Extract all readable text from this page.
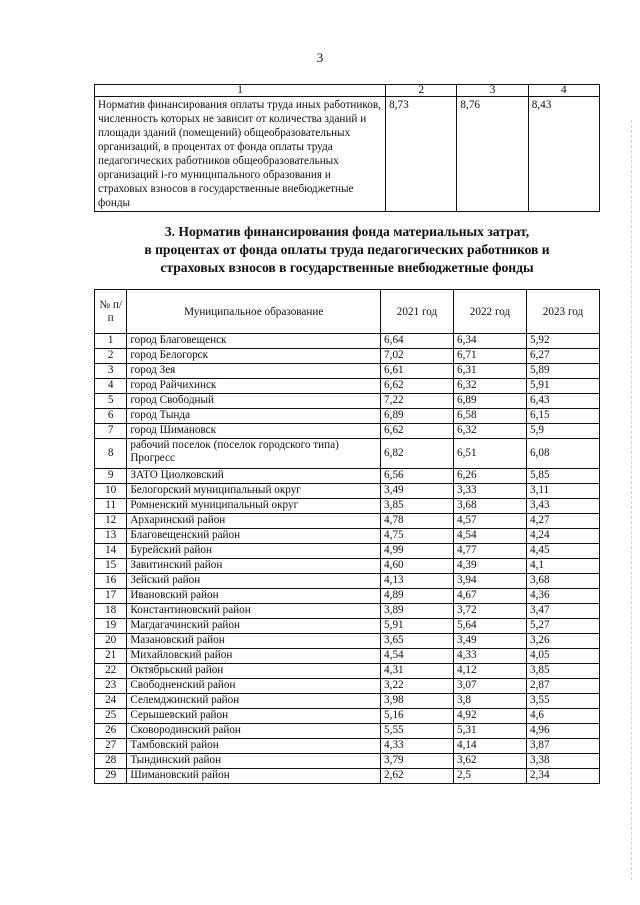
3
1	2	3	4
Норматив финансирования оплаты труда иных работников, численность которых не зависит от количества зданий и площади зданий (помещений) общеобразовательных организаций, в процентах от фонда оплаты труда педагогических работников общеобразовательных организаций i-го муниципального образования и страховых взносов в государственные внебюджетные фонды	8,73	8,76	8,43
3. Норматив финансирования фонда материальных затрат,
в процентах от фонда оплаты труда педагогических работников и
страховых взносов в государственные внебюджетные фонды
№ п/п	Муниципальное образование	2021 год	2022 год	2023 год
1	город Благовещенск	6,64	6,34	5,92
2	город Белогорск	7,02	6,71	6,27
3	город Зея	6,61	6,31	5,89
4	город Райчихинск	6,62	6,32	5,91
5	город Свободный	7,22	6,89	6,43
6	город Тында	6,89	6,58	6,15
7	город Шимановск	6,62	6,32	5,9
8	рабочий поселок (поселок городского типа) Прогресс	6,82	6,51	6,08
9	ЗАТО Циолковский	6,56	6,26	5,85
10	Белогорский муниципальный округ	3,49	3,33	3,11
11	Ромненский муниципальный округ	3,85	3,68	3,43
12	Архаринский район	4,78	4,57	4,27
13	Благовещенский район	4,75	4,54	4,24
14	Бурейский район	4,99	4,77	4,45
15	Завитинский район	4,60	4,39	4,1
16	Зейский район	4,13	3,94	3,68
17	Ивановский район	4,89	4,67	4,36
18	Константиновский район	3,89	3,72	3,47
19	Магдагачинский район	5,91	5,64	5,27
20	Мазановский район	3,65	3,49	3,26
21	Михайловский район	4,54	4,33	4,05
22	Октябрьский район	4,31	4,12	3,85
23	Свободненский район	3,22	3,07	2,87
24	Селемджинский район	3,98	3,8	3,55
25	Серышевский район	5,16	4,92	4,6
26	Сковородинский район	5,55	5,31	4,96
27	Тамбовский район	4,33	4,14	3,87
28	Тындинский район	3,79	3,62	3,38
29	Шимановский район	2,62	2,5	2,34
